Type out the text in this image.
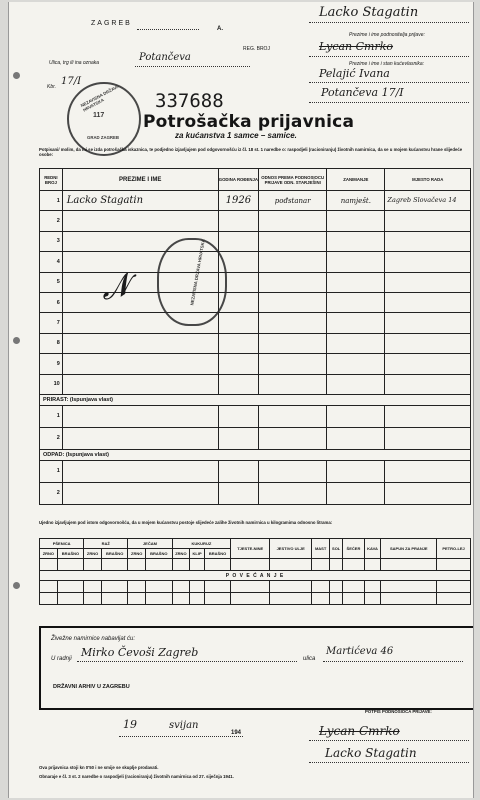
ZAGREB
A.
REG. BROJ
Ulica, trg ili ina oznaka	Potančeva
Kbr. 17/I
Lacko Stagatin
Prezime i ime podnositelja prijave:
Lycan Cmrko
Prezime i ime i stan kućevlasnika:
Pelajić Ivana
Potančeva 17/I
NEZAVISNA DRŽAVA HRVATSKA
117
GRAD ZAGREB
337688
Potrošačka prijavnica
za kućanstva 1 samce – samice.
Potpisani/ molim, da mi se izda potrošačka iskaznica, te podjedno izjavljujem pod odgovornošću iz čl. 18 st. 1 naredbe o: raspodjeli (racioniranju) životnih namirnica, da se u mojem kućanstvu hrane slijedeće osobe:
REDNI BROJ	PREZIME I IME	GODINA ROĐENJA	ODNOS PREMA PODNOSIOCU PRIJAVE ODN. STARJEŠINI	ZANIMANJE	MJESTO RADA
1	Lacko Stagatin	1926	pođstanar	namješt.	Zagreb Slovačeva 14
2					
3					
4					
5					
6					
7					
8					
9					
10					
PRIRAST: (Ispunjava vlast)					
1					
2					
ODPAD: (Ispunjava vlast)					
1					
2					
NEZAVISNA DRŽAVA HRVATSKA
𝓝
Ujedno izjavljujem pod istom odgovornošću, da u mojem kućanstvu postoje slijedeće zalihe životnih namirnica u kilogramima odnosno litrama:
PŠENICA		RAŽ		JEČAM		KUKURUZ			TJESTE-NINE	JESTIVO ULJE	MAST	SOL	ŠEĆER	KAVA	SAPUN ZA PRANJE	PETRO-LEJ
ZRNO	BRAŠNO	ZRNO	BRAŠNO	ZRNO	BRAŠNO	ZRNO	KLIP	BRAŠNO								

P O V E Ć A N J E																

Živežne namirnice nabavljat ću:
U radnji Mirko Čevoši Zagreb	ulica
Martićeva 46
DRŽAVNI ARHIV U ZAGREBU
19	svijan
194
POTPIS PODNOSIOCA PRIJAVE:
Lycan Cmrko
Lacko Stagatin
Ova prijavnica stoji kn 0'50 i ne smije se skuplje prodavati.
Obnaraje e čl. 3 st. 2 naredbe o raspodjeli (racioniranju) životnih namirnica od 27. siječnja 1941.
